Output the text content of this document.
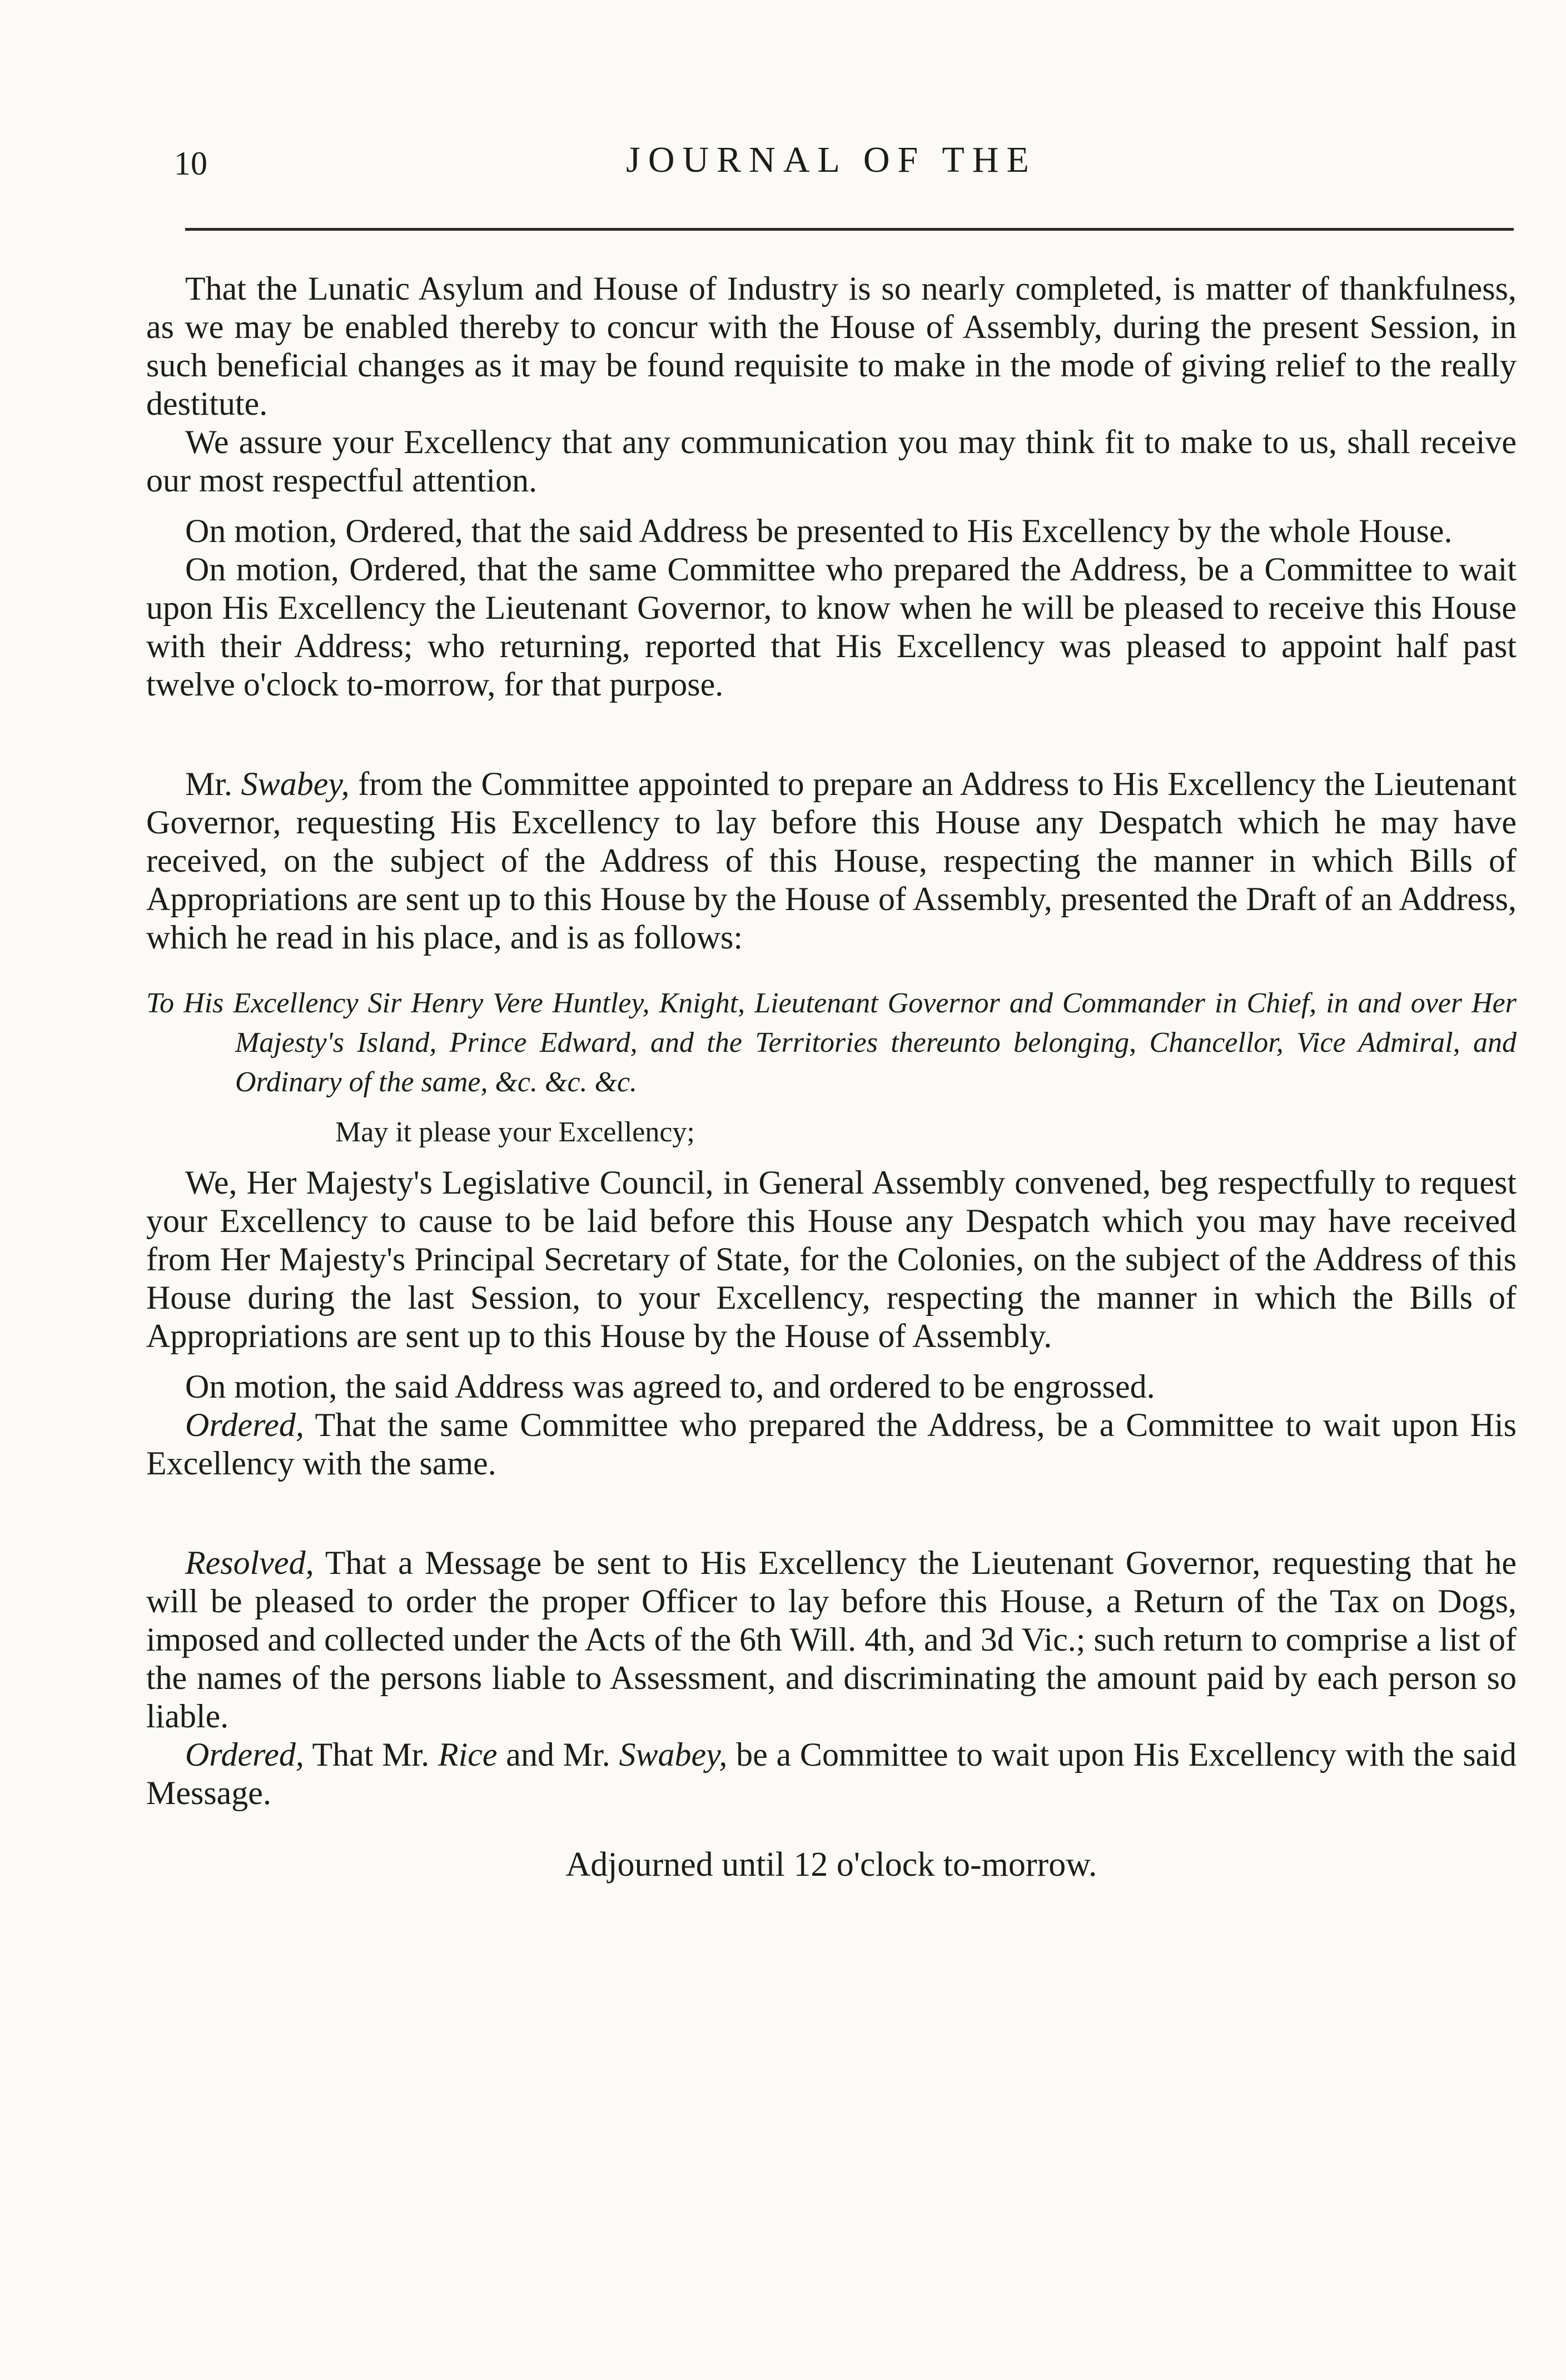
10	JOURNAL OF THE

That the Lunatic Asylum and House of Industry is so nearly completed, is matter of thankfulness, as we may be enabled thereby to concur with the House of Assembly, during the present Session, in such beneficial changes as it may be found requisite to make in the mode of giving relief to the really destitute.

We assure your Excellency that any communication you may think fit to make to us, shall receive our most respectful attention.

On motion, Ordered, that the said Address be presented to His Excellency by the whole House.

On motion, Ordered, that the same Committee who prepared the Address, be a Committee to wait upon His Excellency the Lieutenant Governor, to know when he will be pleased to receive this House with their Address; who returning, reported that His Excellency was pleased to appoint half past twelve o'clock to-morrow, for that purpose.

Mr. Swabey, from the Committee appointed to prepare an Address to His Excellency the Lieutenant Governor, requesting His Excellency to lay before this House any Despatch which he may have received, on the subject of the Address of this House, respecting the manner in which Bills of Appropriations are sent up to this House by the House of Assembly, presented the Draft of an Address, which he read in his place, and is as follows:

To His Excellency Sir Henry Vere Huntley, Knight, Lieutenant Governor and Commander in Chief, in and over Her Majesty's Island, Prince Edward, and the Territories thereunto belonging, Chancellor, Vice Admiral, and Ordinary of the same, &c. &c. &c.
May it please your Excellency;

We, Her Majesty's Legislative Council, in General Assembly convened, beg respectfully to request your Excellency to cause to be laid before this House any Despatch which you may have received from Her Majesty's Principal Secretary of State, for the Colonies, on the subject of the Address of this House during the last Session, to your Excellency, respecting the manner in which the Bills of Appropriations are sent up to this House by the House of Assembly.

On motion, the said Address was agreed to, and ordered to be engrossed.

Ordered, That the same Committee who prepared the Address, be a Committee to wait upon His Excellency with the same.

Resolved, That a Message be sent to His Excellency the Lieutenant Governor, requesting that he will be pleased to order the proper Officer to lay before this House, a Return of the Tax on Dogs, imposed and collected under the Acts of the 6th Will. 4th, and 3d Vic.; such return to comprise a list of the names of the persons liable to Assessment, and discriminating the amount paid by each person so liable.

Ordered, That Mr. Rice and Mr. Swabey, be a Committee to wait upon His Excellency with the said Message.

Adjourned until 12 o'clock to-morrow.
